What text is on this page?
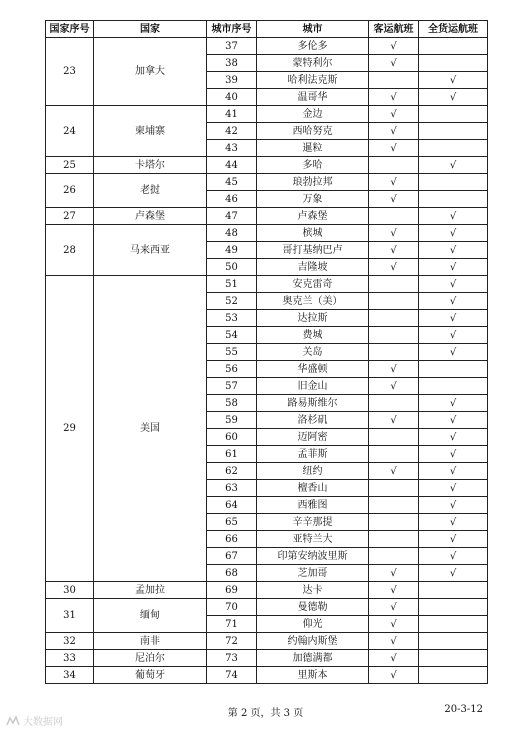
国家序号	国家	城市序号	城市	客运航班	全货运航班
23	加拿大	37	多伦多	√	
		38	蒙特利尔	√	
		39	哈利法克斯		√
		40	温哥华	√	√
24	柬埔寨	41	金边	√	
		42	西哈努克	√	
		43	暹粒	√	
25	卡塔尔	44	多哈		√
26	老挝	45	琅勃拉邦	√	
		46	万象	√	
27	卢森堡	47	卢森堡		√
28	马来西亚	48	槟城	√	√
		49	哥打基纳巴卢	√	√
		50	吉隆坡	√	√
29	美国	51	安克雷奇		√
		52	奥克兰（美）		√
		53	达拉斯		√
		54	费城		√
		55	关岛		√
		56	华盛顿	√	
		57	旧金山	√	
		58	路易斯维尔		√
		59	洛杉矶	√	√
		60	迈阿密		√
		61	孟菲斯		√
		62	纽约	√	√
		63	檀香山		√
		64	西雅图		√
		65	辛辛那提		√
		66	亚特兰大		√
		67	印第安纳波里斯		√
		68	芝加哥	√	√
30	孟加拉	69	达卡	√	
31	缅甸	70	曼德勒	√	
		71	仰光	√	
32	南非	72	约翰内斯堡	√	
33	尼泊尔	73	加德满都	√	
34	葡萄牙	74	里斯本	√	
第 2 页，共 3 页	20-3-12
大数据网
